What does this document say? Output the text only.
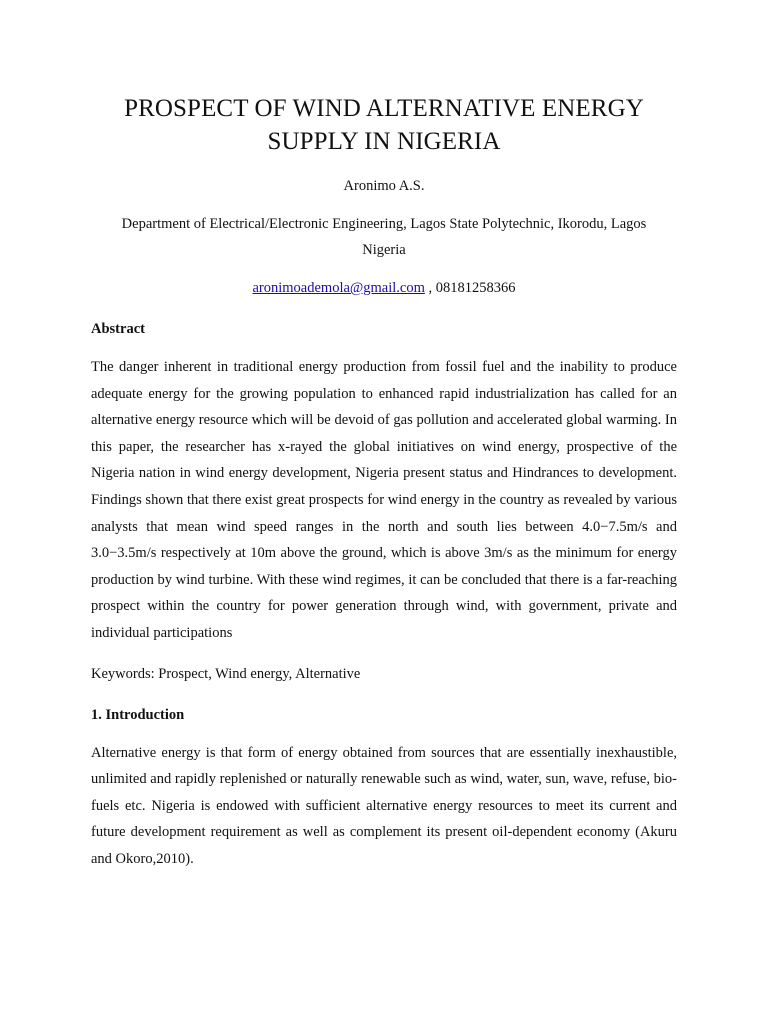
PROSPECT OF WIND ALTERNATIVE ENERGY
SUPPLY IN NIGERIA

Aronimo A.S.

Department of Electrical/Electronic Engineering, Lagos State Polytechnic, Ikorodu, Lagos
Nigeria

aronimoademola@gmail.com , 08181258366

Abstract

The danger inherent in traditional energy production from fossil fuel and the inability to produce adequate energy for the growing population to enhanced rapid industrialization has called for an alternative energy resource which will be devoid of gas pollution and accelerated global warming. In this paper, the researcher has x-rayed the global initiatives on wind energy, prospective of the Nigeria nation in wind energy development, Nigeria present status and Hindrances to development. Findings shown that there exist great prospects for wind energy in the country as revealed by various analysts that mean wind speed ranges in the north and south lies between 4.0−7.5m/s and 3.0−3.5m/s respectively at 10m above the ground, which is above 3m/s as the minimum for energy production by wind turbine. With these wind regimes, it can be concluded that there is a far-reaching prospect within the country for power generation through wind, with government, private and individual participations

Keywords: Prospect, Wind energy, Alternative

1. Introduction

Alternative energy is that form of energy obtained from sources that are essentially inexhaustible, unlimited and rapidly replenished or naturally renewable such as wind, water, sun, wave, refuse, bio-fuels etc. Nigeria is endowed with sufficient alternative energy resources to meet its current and future development requirement as well as complement its present oil-dependent economy (Akuru and Okoro,2010).
